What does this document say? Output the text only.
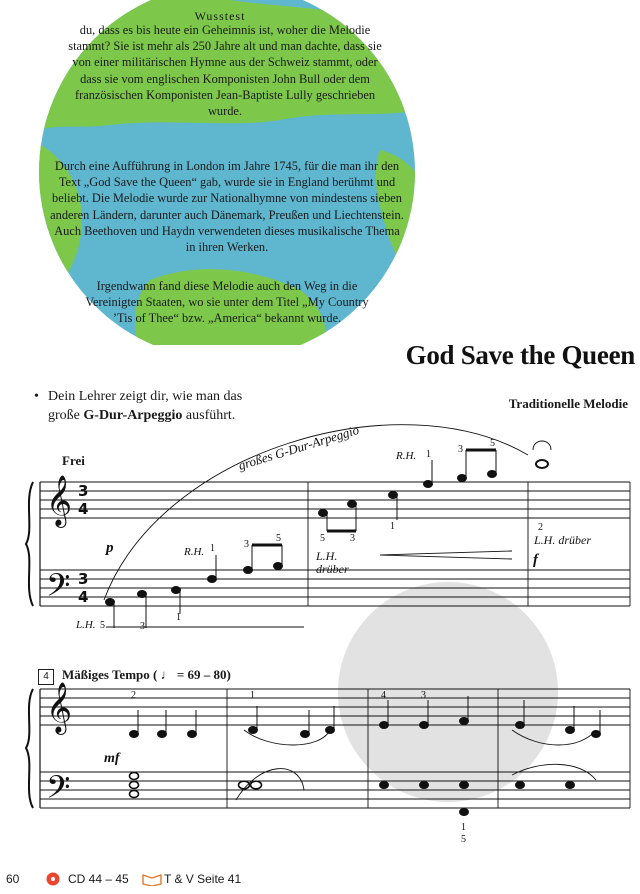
Wusstest
du, dass es bis heute ein Geheimnis ist, woher die Melodie stammt? Sie ist mehr als 250 Jahre alt und man dachte, dass sie von einer militärischen Hymne aus der Schweiz stammt, oder dass sie vom englischen Komponisten John Bull oder dem französischen Komponisten Jean-Baptiste Lully geschrieben wurde.
Durch eine Aufführung in London im Jahre 1745, für die man ihr den Text „God Save the Queen“ gab, wurde sie in England berühmt und beliebt. Die Melodie wurde zur Nationalhymne von mindestens sieben anderen Ländern, darunter auch Dänemark, Preußen und Liechtenstein. Auch Beethoven und Haydn verwendeten dieses musikalische Thema in ihren Werken.
Irgendwann fand diese Melodie auch den Weg in die Vereinigten Staaten, wo sie unter dem Titel „My Country ’Tis of Thee“ bzw. „America“ bekannt wurde.
God Save the Queen
Traditionelle Melodie
• Dein Lehrer zeigt dir, wie man das
große G-Dur-Arpeggio ausführt.
𝄞
𝄢
𝄞
𝄢
3
4
3
4
großes G-Dur-Arpeggio
p
f
R.H.
R.H.
L.H.
L.H.
drüber
L.H. drüber
mf
5	3
1
1	3
5	5	3
1
1	3
5
2
2	1	4	3
1
5
Frei
4	Mäßiges Tempo ( ♩ = 69 – 80)
60	CD 44 – 45	T & V Seite 41
